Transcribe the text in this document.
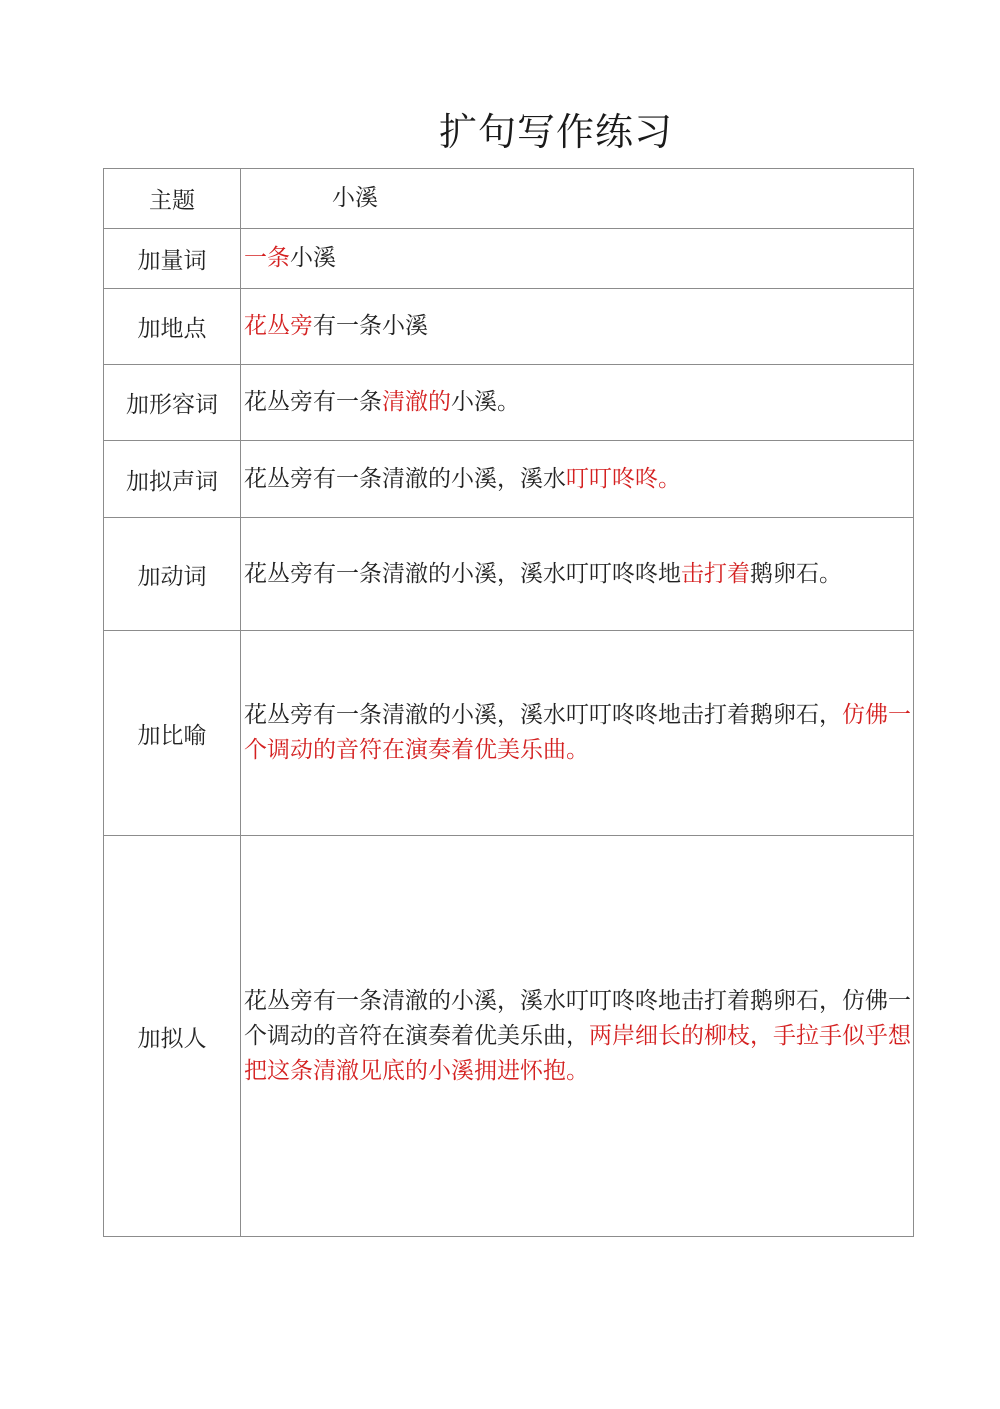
扩句写作练习
主题	小溪
加量词	一条小溪
加地点	花丛旁有一条小溪
加形容词	花丛旁有一条清澈的小溪。
加拟声词	花丛旁有一条清澈的小溪，溪水叮叮咚咚。
加动词	花丛旁有一条清澈的小溪，溪水叮叮咚咚地击打着鹅卵石。
加比喻	花丛旁有一条清澈的小溪，溪水叮叮咚咚地击打着鹅卵石，仿佛一个调动的音符在演奏着优美乐曲。
加拟人	花丛旁有一条清澈的小溪，溪水叮叮咚咚地击打着鹅卵石，仿佛一个调动的音符在演奏着优美乐曲，两岸细长的柳枝，手拉手似乎想把这条清澈见底的小溪拥进怀抱。
